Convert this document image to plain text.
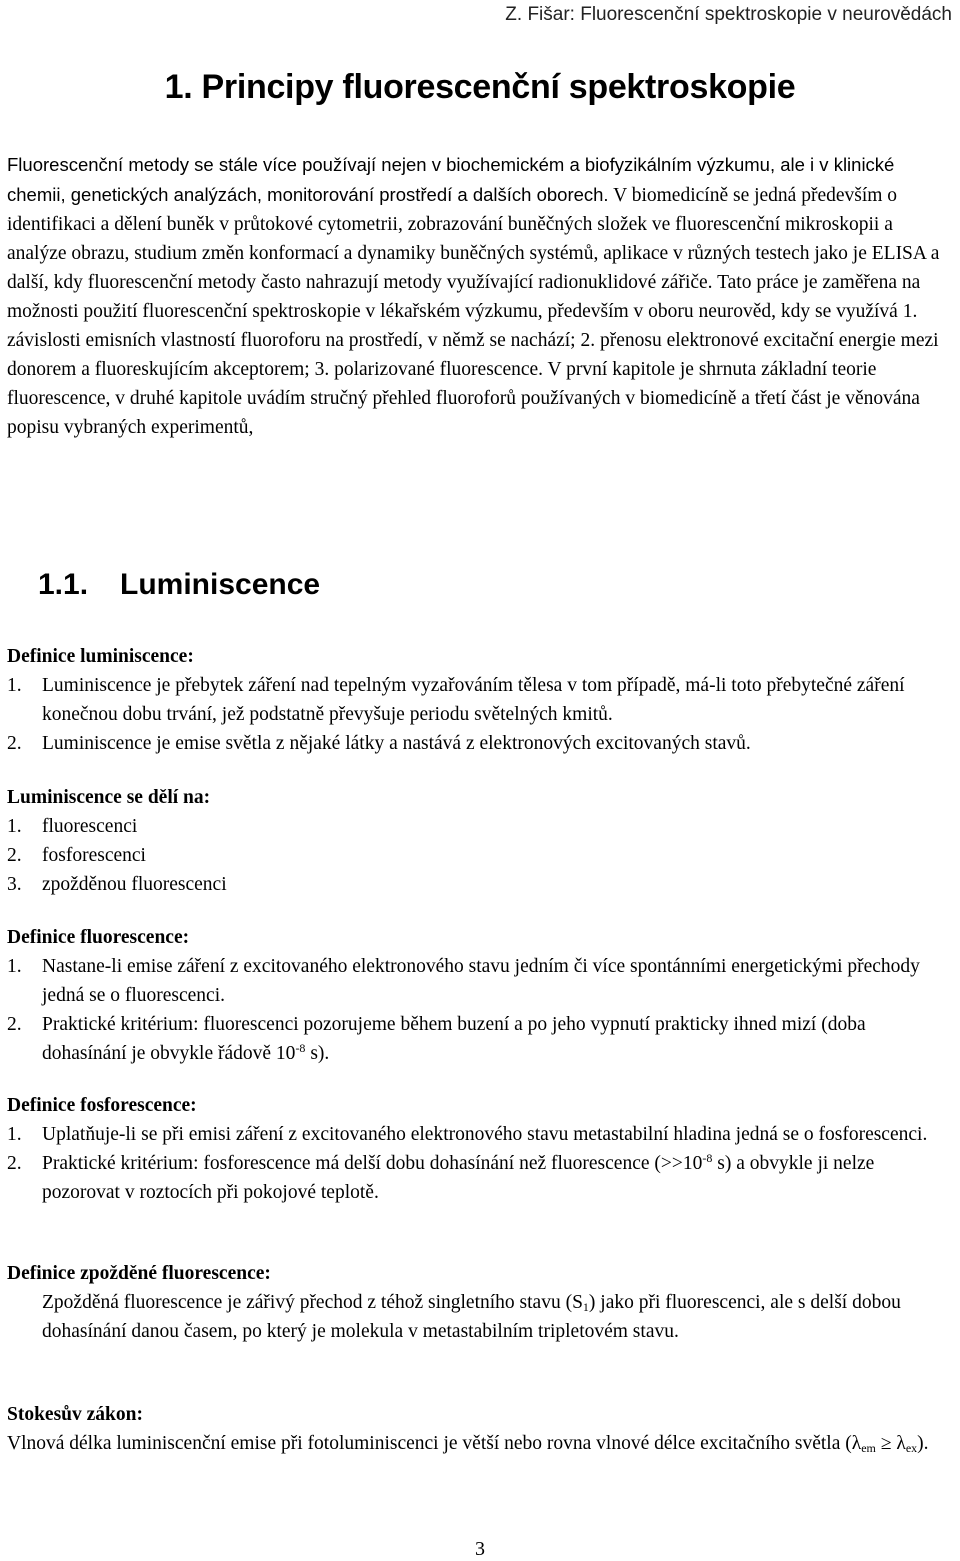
Z. Fišar: Fluorescenční spektroskopie v neurovědách
1. Principy fluorescenční spektroskopie
Fluorescenční metody se stále více používají nejen v biochemickém a biofyzikálním výzkumu, ale i v klinické chemii, genetických analýzách, monitorování prostředí a dalších oborech. V biomedicíně se jedná především o identifikaci a dělení buněk v průtokové cytometrii, zobrazování buněčných složek ve fluorescenční mikroskopii a analýze obrazu, studium změn konformací a dynamiky buněčných systémů, aplikace v různých testech jako je ELISA a další, kdy fluorescenční metody často nahrazují metody využívající radionuklidové zářiče. Tato práce je zaměřena na možnosti použití fluorescenční spektroskopie v lékařském výzkumu, především v oboru neurověd, kdy se využívá 1. závislosti emisních vlastností fluoroforu na prostředí, v němž se nachází; 2. přenosu elektronové excitační energie mezi donorem a fluoreskujícím akceptorem; 3. polarizované fluorescence. V první kapitole je shrnuta základní teorie fluorescence, v druhé kapitole uvádím stručný přehled fluoroforů používaných v biomedicíně a třetí část je věnována popisu vybraných experimentů,
1.1. Luminiscence
Definice luminiscence:
1.	Luminiscence je přebytek záření nad tepelným vyzařováním tělesa v tom případě, má-li toto přebytečné záření konečnou dobu trvání, jež podstatně převyšuje periodu světelných kmitů.
2.	Luminiscence je emise světla z nějaké látky a nastává z elektronových excitovaných stavů.
Luminiscence se dělí na:
1.	fluorescenci
2.	fosforescenci
3.	zpožděnou fluorescenci
Definice fluorescence:
1.	Nastane-li emise záření z excitovaného elektronového stavu jedním či více spontánními energetickými přechody jedná se o fluorescenci.
2.	Praktické kritérium: fluorescenci pozorujeme během buzení a po jeho vypnutí prakticky ihned mizí (doba dohasínání je obvykle řádově $10^{-8}$ s).
Definice fosforescence:
1.	Uplatňuje-li se při emisi záření z excitovaného elektronového stavu metastabilní hladina jedná se o fosforescenci.
2.	Praktické kritérium: fosforescence má delší dobu dohasínání než fluorescence ($>>10^{-8}$ s) a obvykle ji nelze pozorovat v roztocích při pokojové teplotě.
Definice zpožděné fluorescence:
Zpožděná fluorescence je zářivý přechod z téhož singletního stavu $(S_1)$ jako při fluorescenci, ale s delší dobou dohasínání danou časem, po který je molekula v metastabilním tripletovém stavu.
Stokesův zákon:
Vlnová délka luminiscenční emise při fotoluminiscenci je větší nebo rovna vlnové délce excitačního světla $(\lambda_{em} \ge \lambda_{ex})$.
3
